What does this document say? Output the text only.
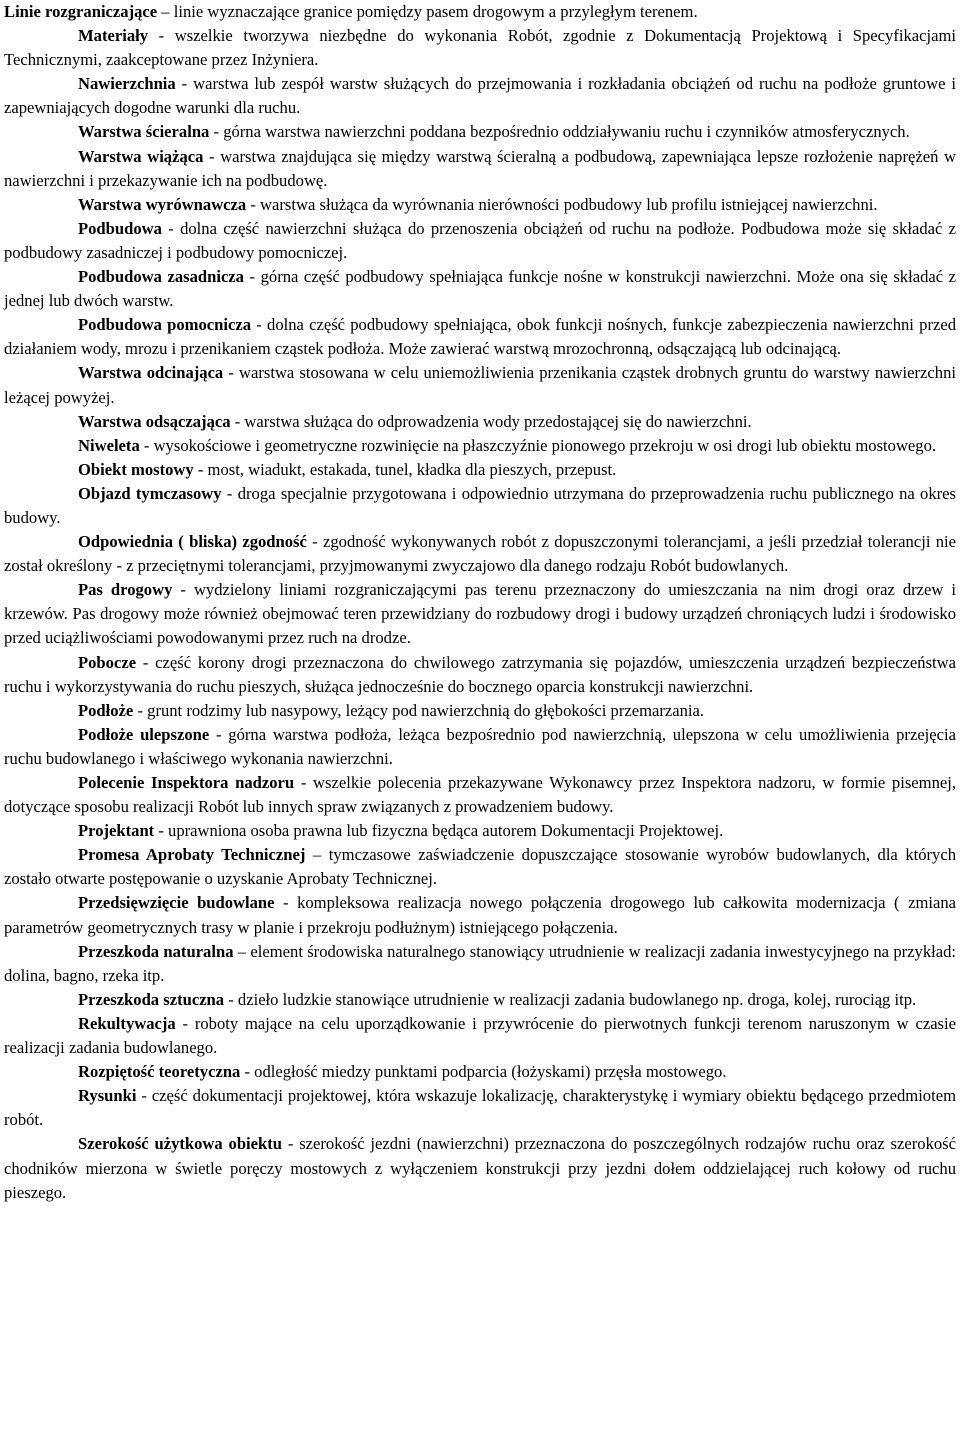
Linie rozgraniczające – linie wyznaczające granice pomiędzy pasem drogowym a przyległym terenem.

Materiały - wszelkie tworzywa niezbędne do wykonania Robót, zgodnie z Dokumentacją Projektową i Specyfikacjami Technicznymi, zaakceptowane przez Inżyniera.

Nawierzchnia - warstwa lub zespół warstw służących do przejmowania i rozkładania obciążeń od ruchu na podłoże gruntowe i zapewniających dogodne warunki dla ruchu.

Warstwa ścieralna - górna warstwa nawierzchni poddana bezpośrednio oddziaływaniu ruchu i czynników atmosferycznych.

Warstwa wiążąca - warstwa znajdująca się między warstwą ścieralną a podbudową, zapewniająca lepsze rozłożenie naprężeń w nawierzchni i przekazywanie ich na podbudowę.

Warstwa wyrównawcza - warstwa służąca da wyrównania nierówności podbudowy lub profilu istniejącej nawierzchni.

Podbudowa - dolna część nawierzchni służąca do przenoszenia obciążeń od ruchu na podłoże. Podbudowa może się składać z podbudowy zasadniczej i podbudowy pomocniczej.

Podbudowa zasadnicza - górna część podbudowy spełniająca funkcje nośne w konstrukcji nawierzchni. Może ona się składać z jednej lub dwóch warstw.

Podbudowa pomocnicza - dolna część podbudowy spełniająca, obok funkcji nośnych, funkcje zabezpieczenia nawierzchni przed działaniem wody, mrozu i przenikaniem cząstek podłoża. Może zawierać warstwą mrozochronną, odsączającą lub odcinającą.

Warstwa odcinająca - warstwa stosowana w celu uniemożliwienia przenikania cząstek drobnych gruntu do warstwy nawierzchni leżącej powyżej.

Warstwa odsączająca - warstwa służąca do odprowadzenia wody przedostającej się do nawierzchni.

Niweleta - wysokościowe i geometryczne rozwinięcie na płaszczyźnie pionowego przekroju w osi drogi lub obiektu mostowego.

Obiekt mostowy - most, wiadukt, estakada, tunel, kładka dla pieszych, przepust.

Objazd tymczasowy - droga specjalnie przygotowana i odpowiednio utrzymana do przeprowadzenia ruchu publicznego na okres budowy.

Odpowiednia ( bliska) zgodność - zgodność wykonywanych robót z dopuszczonymi tolerancjami, a jeśli przedział tolerancji nie został określony - z przeciętnymi tolerancjami, przyjmowanymi zwyczajowo dla danego rodzaju Robót budowlanych.

Pas drogowy - wydzielony liniami rozgraniczającymi pas terenu przeznaczony do umieszczania na nim drogi oraz drzew i krzewów. Pas drogowy może również obejmować teren przewidziany do rozbudowy drogi i budowy urządzeń chroniących ludzi i środowisko przed uciążliwościami powodowanymi przez ruch na drodze.

Pobocze - część korony drogi przeznaczona do chwilowego zatrzymania się pojazdów, umieszczenia urządzeń bezpieczeństwa ruchu i wykorzystywania do ruchu pieszych, służąca jednocześnie do bocznego oparcia konstrukcji nawierzchni.

Podłoże - grunt rodzimy lub nasypowy, leżący pod nawierzchnią do głębokości przemarzania.

Podłoże ulepszone - górna warstwa podłoża, leżąca bezpośrednio pod nawierzchnią, ulepszona w celu umożliwienia przejęcia ruchu budowlanego i właściwego wykonania nawierzchni.

Polecenie Inspektora nadzoru - wszelkie polecenia przekazywane Wykonawcy przez Inspektora nadzoru, w formie pisemnej, dotyczące sposobu realizacji Robót lub innych spraw związanych z prowadzeniem budowy.

Projektant - uprawniona osoba prawna lub fizyczna będąca autorem Dokumentacji Projektowej.

Promesa Aprobaty Technicznej – tymczasowe zaświadczenie dopuszczające stosowanie wyrobów budowlanych, dla których zostało otwarte postępowanie o uzyskanie Aprobaty Technicznej.

Przedsięwzięcie budowlane - kompleksowa realizacja nowego połączenia drogowego lub całkowita modernizacja ( zmiana parametrów geometrycznych trasy w planie i przekroju podłużnym) istniejącego połączenia.

Przeszkoda naturalna – element środowiska naturalnego stanowiący utrudnienie w realizacji zadania inwestycyjnego na przykład: dolina, bagno, rzeka itp.

Przeszkoda sztuczna - dzieło ludzkie stanowiące utrudnienie w realizacji zadania budowlanego np. droga, kolej, rurociąg itp.

Rekultywacja - roboty mające na celu uporządkowanie i przywrócenie do pierwotnych funkcji terenom naruszonym w czasie realizacji zadania budowlanego.

Rozpiętość teoretyczna - odległość miedzy punktami podparcia (łożyskami) przęsła mostowego.

Rysunki - część dokumentacji projektowej, która wskazuje lokalizację, charakterystykę i wymiary obiektu będącego przedmiotem robót.

Szerokość użytkowa obiektu - szerokość jezdni (nawierzchni) przeznaczona do poszczególnych rodzajów ruchu oraz szerokość chodników mierzona w świetle poręczy mostowych z wyłączeniem konstrukcji przy jezdni dołem oddzielającej ruch kołowy od ruchu pieszego.
